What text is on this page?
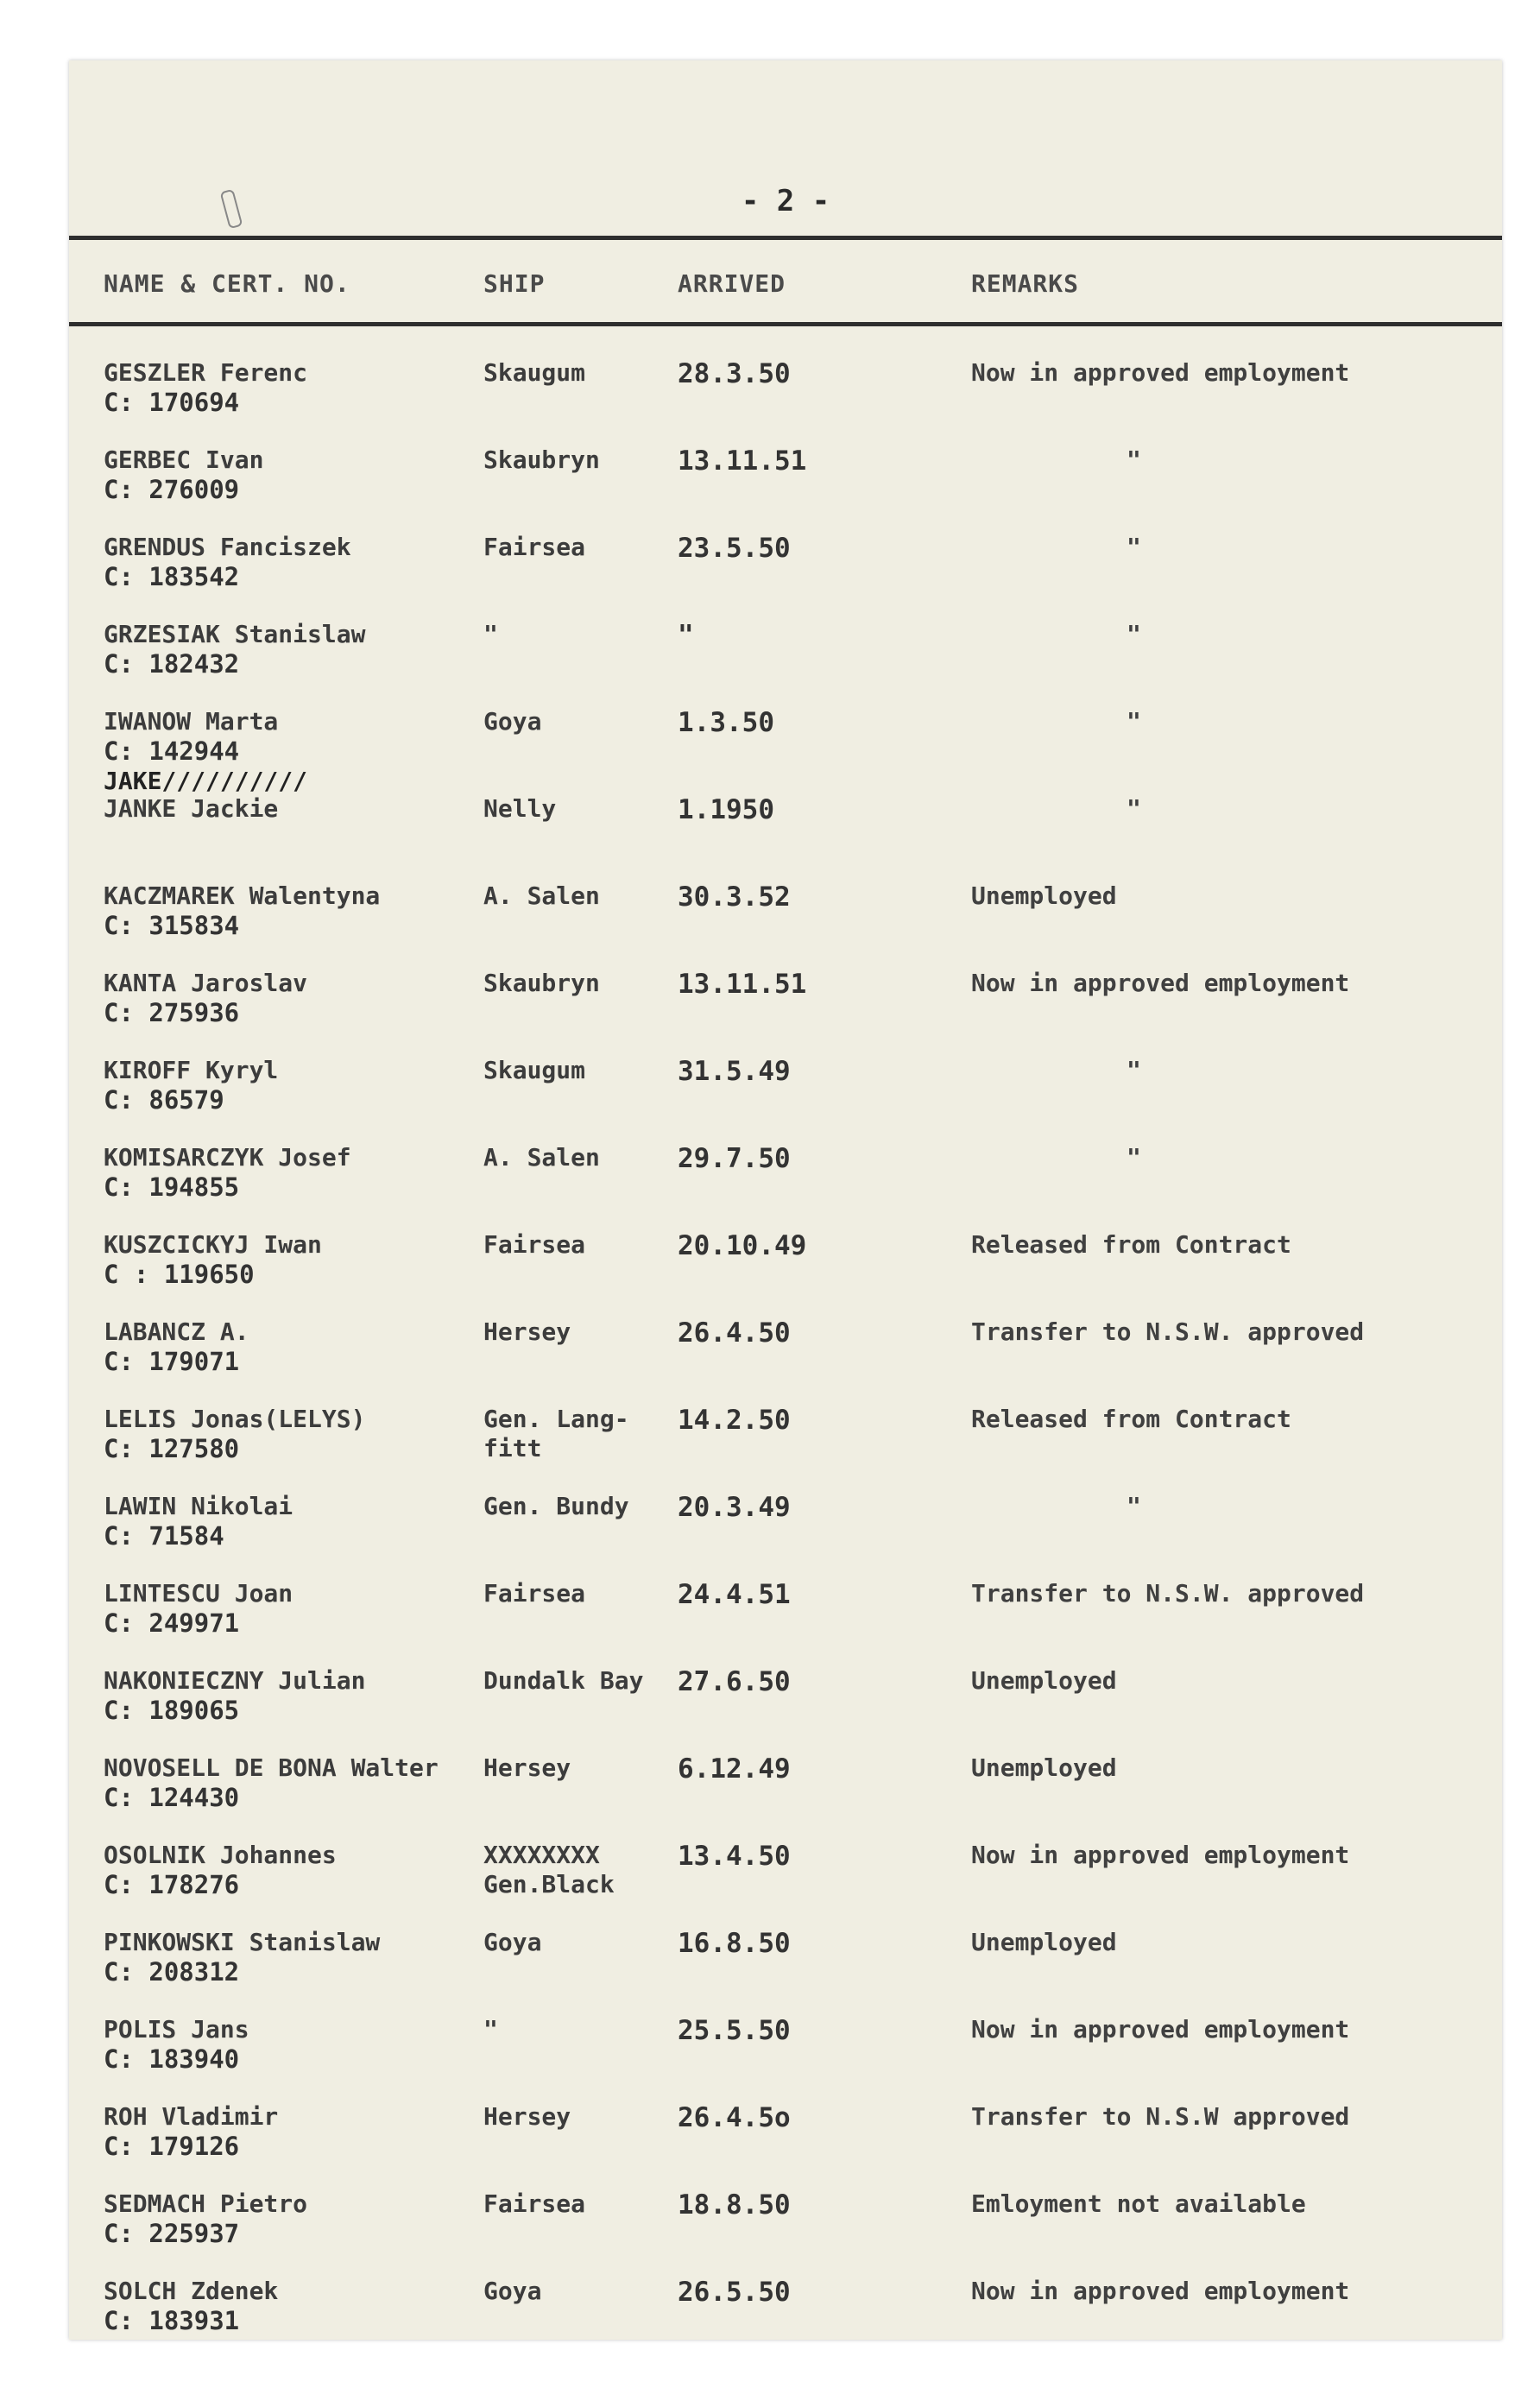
- 2 -
NAME & CERT. NO.	SHIP	ARRIVED	REMARKS
GESZLER Ferenc
C: 170694
Skaugum	28.3.50	Now in approved employment
GERBEC Ivan
C: 276009
Skaubryn	13.11.51	"
GRENDUS Fanciszek
C: 183542
Fairsea	23.5.50	"
GRZESIAK Stanislaw
C: 182432
"	"	"
IWANOW Marta
C: 142944
Goya	1.3.50	"
JAKE//////////
JANKE Jackie	Nelly	1.1950	"
KACZMAREK Walentyna
C: 315834
A. Salen	30.3.52	Unemployed
KANTA Jaroslav
C: 275936
Skaubryn	13.11.51	Now in approved employment
KIROFF Kyryl
C: 86579
Skaugum	31.5.49	"
KOMISARCZYK Josef
C: 194855
A. Salen	29.7.50	"
KUSZCICKYJ Iwan
C : 119650
Fairsea	20.10.49	Released from Contract
LABANCZ A.
C: 179071
Hersey	26.4.50	Transfer to N.S.W. approved
LELIS Jonas(LELYS)
C: 127580
Gen. Lang-
fitt
14.2.50	Released from Contract
LAWIN Nikolai
C: 71584
Gen. Bundy 20.3.49	"
LINTESCU Joan
C: 249971
Fairsea	24.4.51	Transfer to N.S.W. approved
NAKONIECZNY Julian
C: 189065
Dundalk Bay 27.6.50	Unemployed
NOVOSELL DE BONA Walter
C: 124430
Hersey	6.12.49	Unemployed
OSOLNIK Johannes
C: 178276
XXXXXXXX
Gen.Black
13.4.50	Now in approved employment
PINKOWSKI Stanislaw
C: 208312
Goya	16.8.50	Unemployed
POLIS Jans
C: 183940
"	25.5.50	Now in approved employment
ROH Vladimir
C: 179126
Hersey	26.4.5o	Transfer to N.S.W approved
SEDMACH Pietro
C: 225937
Fairsea	18.8.50	Emloyment not available
SOLCH Zdenek
C: 183931
Goya	26.5.50	Now in approved employment
